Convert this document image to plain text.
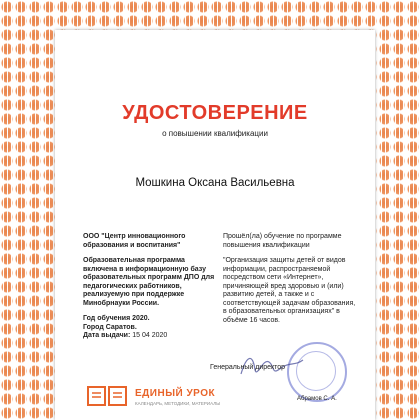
УДОСТОВЕРЕНИЕ
о повышении квалификации
Мошкина Оксана Васильевна
ООО "Центр инновационного образования и воспитания"
Образовательная программа включена в информационную базу образовательных программ ДПО для педагогических работников, реализуемую при поддержке Минобрнауки России.
Год обучения 2020.
Город Саратов.
Дата выдачи: 15 04 2020
Прошёл(ла) обучение по программе повышения квалификации
"Организация защиты детей от видов информации, распространяемой посредством сети «Интернет», причиняющей вред здоровью и (или) развитию детей, а также и с соответствующей задачам образования, в образовательных организациях" в объёме 16 часов.
Генеральный директор
Абрамов С. А.
ЕДИНЫЙ УРОК
КАЛЕНДАРЬ, МЕТОДИКИ, МАТЕРИАЛЫ
